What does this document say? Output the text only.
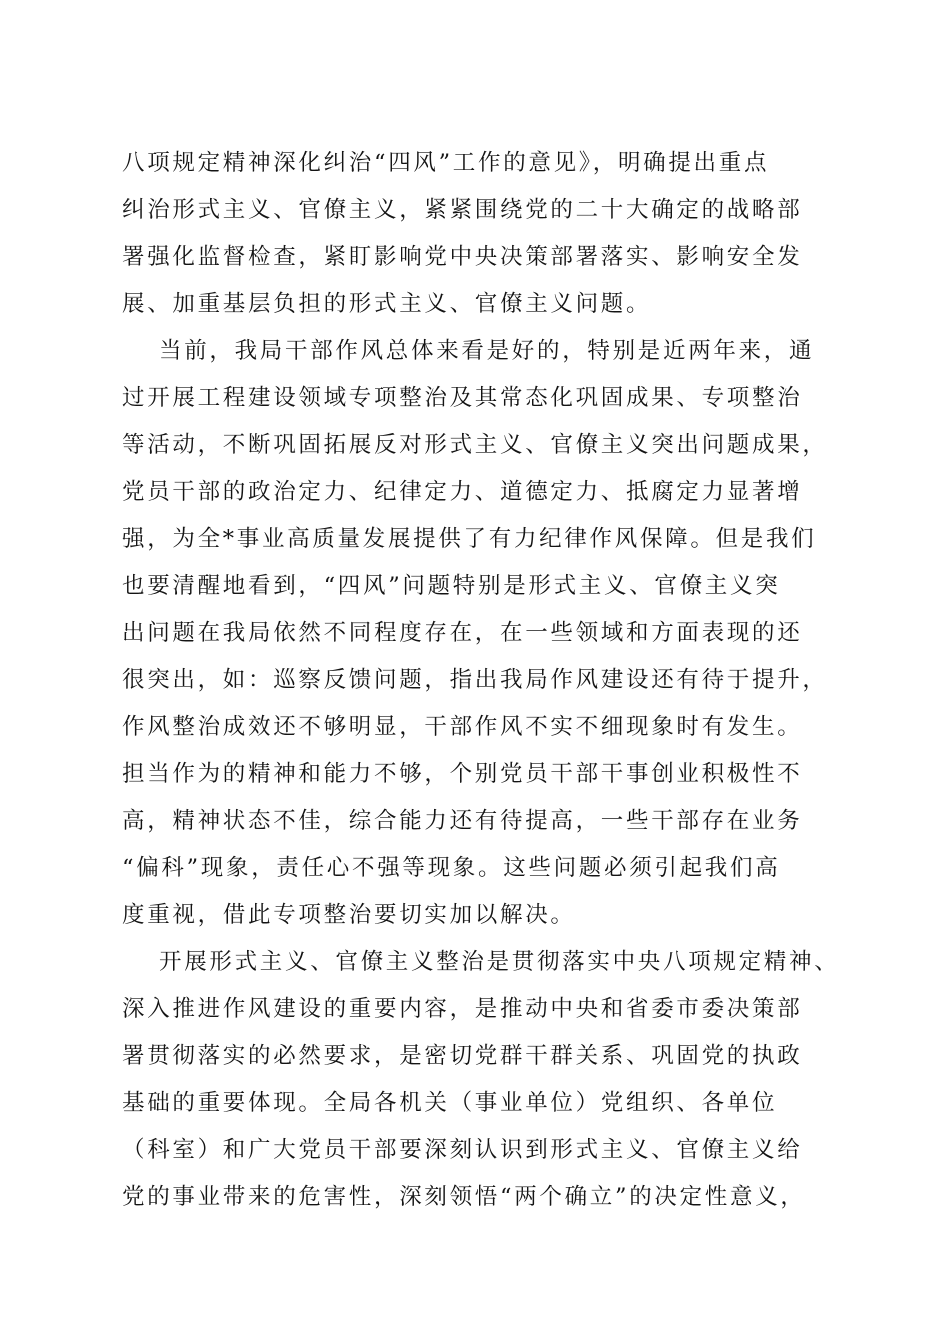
八项规定精神深化纠治“四风”工作的意见》，明确提出重点
纠治形式主义、官僚主义，紧紧围绕党的二十大确定的战略部
署强化监督检查，紧盯影响党中央决策部署落实、影响安全发
展、加重基层负担的形式主义、官僚主义问题。
当前，我局干部作风总体来看是好的，特别是近两年来，通
过开展工程建设领域专项整治及其常态化巩固成果、专项整治
等活动，不断巩固拓展反对形式主义、官僚主义突出问题成果，
党员干部的政治定力、纪律定力、道德定力、抵腐定力显著增
强，为全*事业高质量发展提供了有力纪律作风保障。但是我们
也要清醒地看到，“四风”问题特别是形式主义、官僚主义突
出问题在我局依然不同程度存在，在一些领域和方面表现的还
很突出，如：巡察反馈问题，指出我局作风建设还有待于提升，
作风整治成效还不够明显，干部作风不实不细现象时有发生。
担当作为的精神和能力不够，个别党员干部干事创业积极性不
高，精神状态不佳，综合能力还有待提高，一些干部存在业务
“偏科”现象，责任心不强等现象。这些问题必须引起我们高
度重视，借此专项整治要切实加以解决。
开展形式主义、官僚主义整治是贯彻落实中央八项规定精神、
深入推进作风建设的重要内容，是推动中央和省委市委决策部
署贯彻落实的必然要求，是密切党群干群关系、巩固党的执政
基础的重要体现。全局各机关（事业单位）党组织、各单位
（科室）和广大党员干部要深刻认识到形式主义、官僚主义给
党的事业带来的危害性，深刻领悟“两个确立”的决定性意义，
